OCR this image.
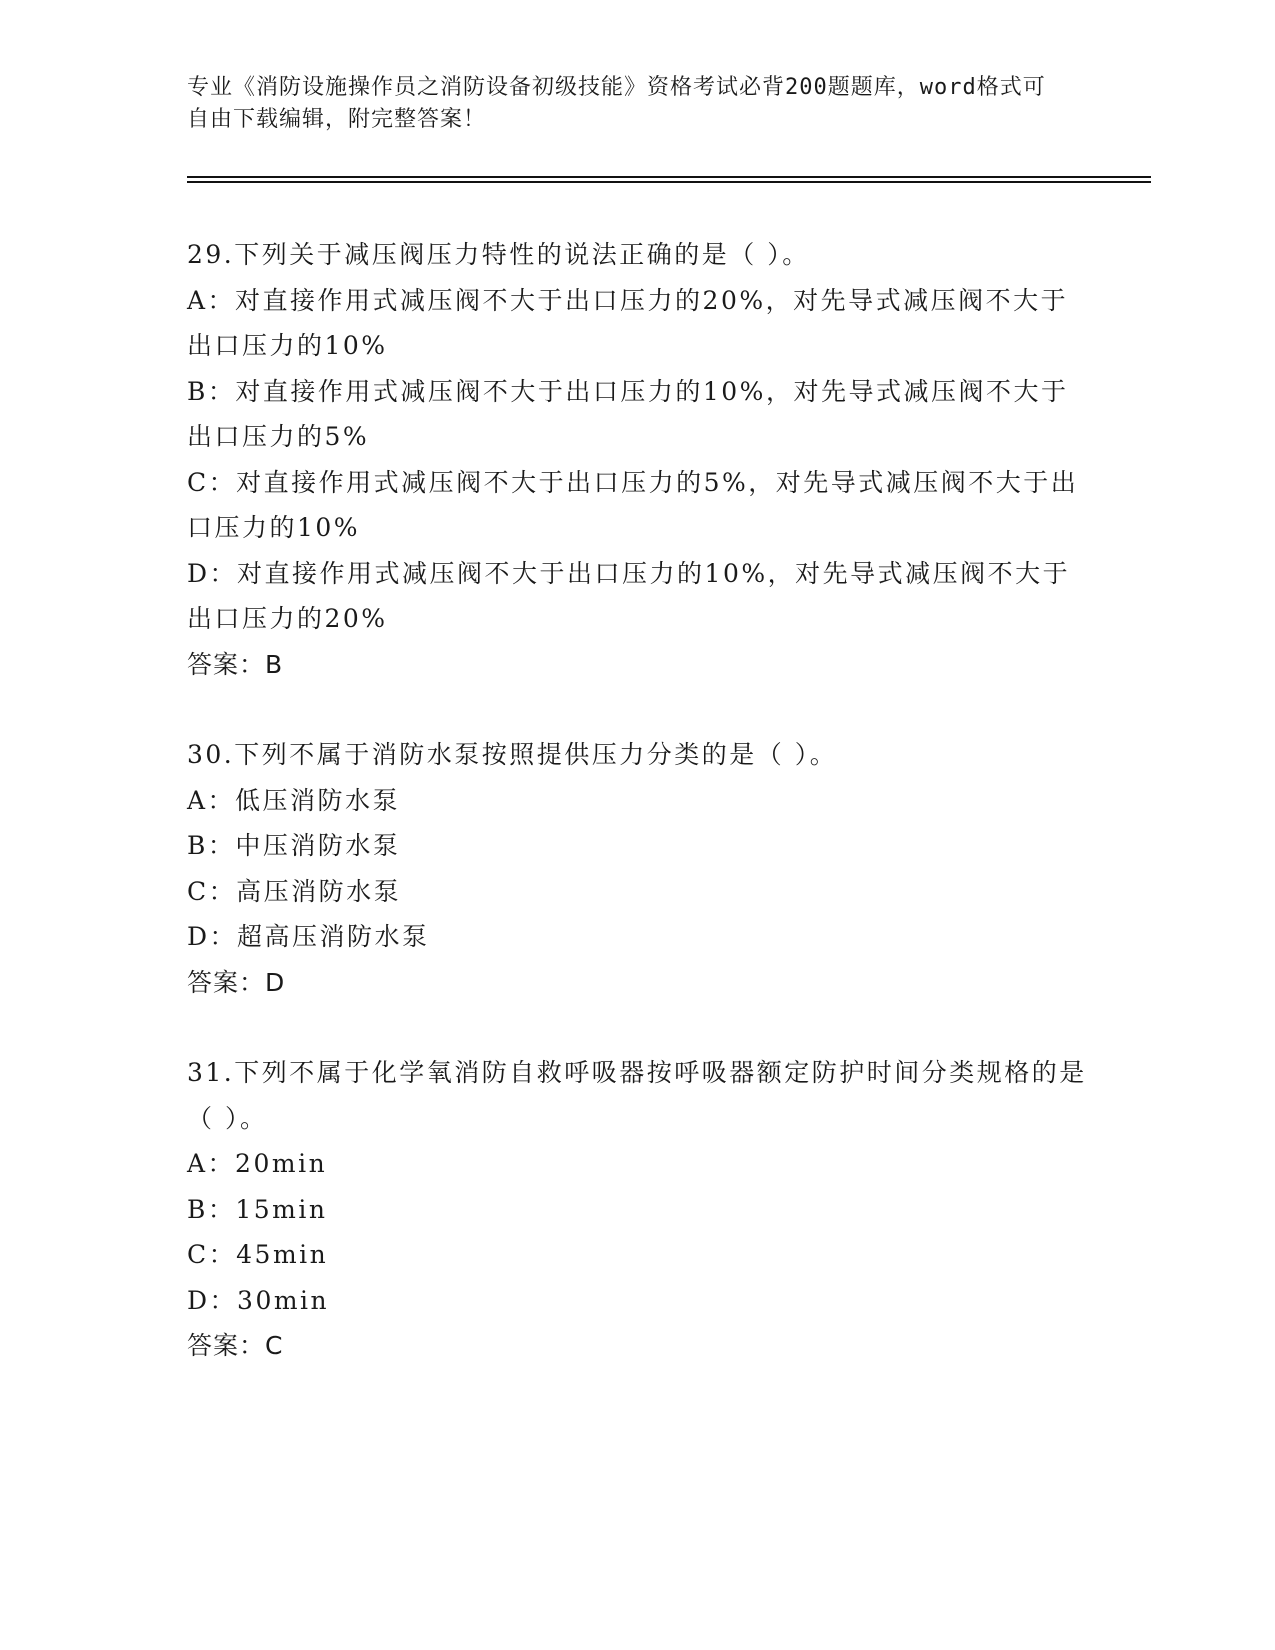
专业《消防设施操作员之消防设备初级技能》资格考试必背200题题库，word格式可自由下载编辑，附完整答案！
29.下列关于减压阀压力特性的说法正确的是（ ）。
A：对直接作用式减压阀不大于出口压力的20%，对先导式减压阀不大于出口压力的10%
B：对直接作用式减压阀不大于出口压力的10%，对先导式减压阀不大于出口压力的5%
C：对直接作用式减压阀不大于出口压力的5%，对先导式减压阀不大于出口压力的10%
D：对直接作用式减压阀不大于出口压力的10%，对先导式减压阀不大于出口压力的20%
答案：B
30.下列不属于消防水泵按照提供压力分类的是（ ）。
A：低压消防水泵
B：中压消防水泵
C：高压消防水泵
D：超高压消防水泵
答案：D
31.下列不属于化学氧消防自救呼吸器按呼吸器额定防护时间分类规格的是（ ）。
A：20min
B：15min
C：45min
D：30min
答案：C
